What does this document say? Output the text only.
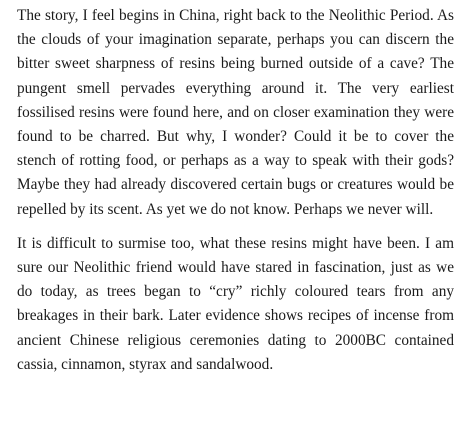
The story, I feel begins in China, right back to the Neolithic Period. As the clouds of your imagination separate, perhaps you can discern the bitter sweet sharpness of resins being burned outside of a cave? The pungent smell pervades everything around it. The very earliest fossilised resins were found here, and on closer examination they were found to be charred. But why, I wonder? Could it be to cover the stench of rotting food, or perhaps as a way to speak with their gods? Maybe they had already discovered certain bugs or creatures would be repelled by its scent. As yet we do not know. Perhaps we never will.

It is difficult to surmise too, what these resins might have been. I am sure our Neolithic friend would have stared in fascination, just as we do today, as trees began to “cry” richly coloured tears from any breakages in their bark. Later evidence shows recipes of incense from ancient Chinese religious ceremonies dating to 2000BC contained cassia, cinnamon, styrax and sandalwood.
